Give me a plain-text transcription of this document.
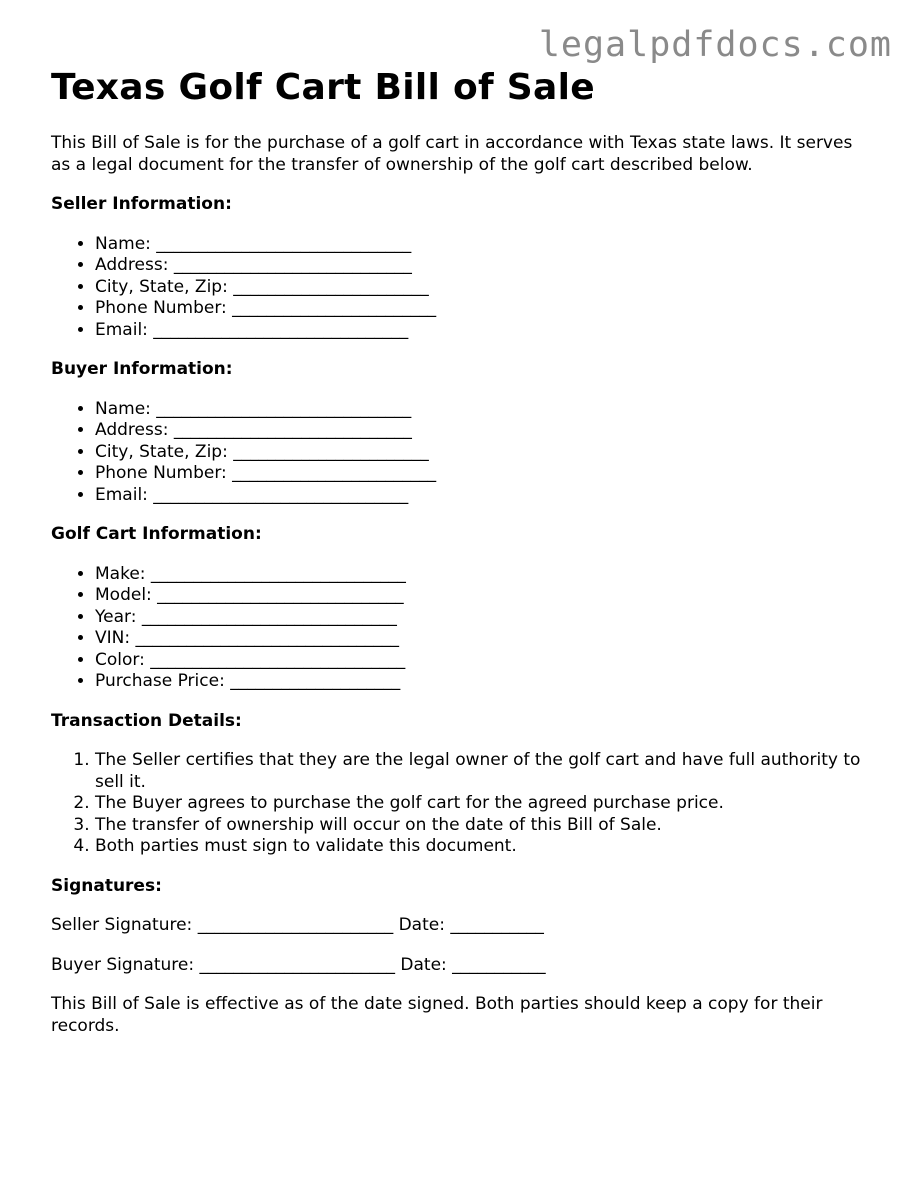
legalpdfdocs.com
Texas Golf Cart Bill of Sale

This Bill of Sale is for the purchase of a golf cart in accordance with Texas state laws. It serves as a legal document for the transfer of ownership of the golf cart described below.

Seller Information:
• Name: ______________________________
• Address: ____________________________
• City, State, Zip: _______________________
• Phone Number: ________________________
• Email: ______________________________
Buyer Information:
• Name: ______________________________
• Address: ____________________________
• City, State, Zip: _______________________
• Phone Number: ________________________
• Email: ______________________________
Golf Cart Information:
• Make: ______________________________
• Model: _____________________________
• Year: ______________________________
• VIN: _______________________________
• Color: ______________________________
• Purchase Price: ____________________
Transaction Details:
1. The Seller certifies that they are the legal owner of the golf cart and have full authority to sell it.
2. The Buyer agrees to purchase the golf cart for the agreed purchase price.
3. The transfer of ownership will occur on the date of this Bill of Sale.
4. Both parties must sign to validate this document.
Signatures:

Seller Signature: _______________________ Date: ___________

Buyer Signature: _______________________ Date: ___________

This Bill of Sale is effective as of the date signed. Both parties should keep a copy for their records.
